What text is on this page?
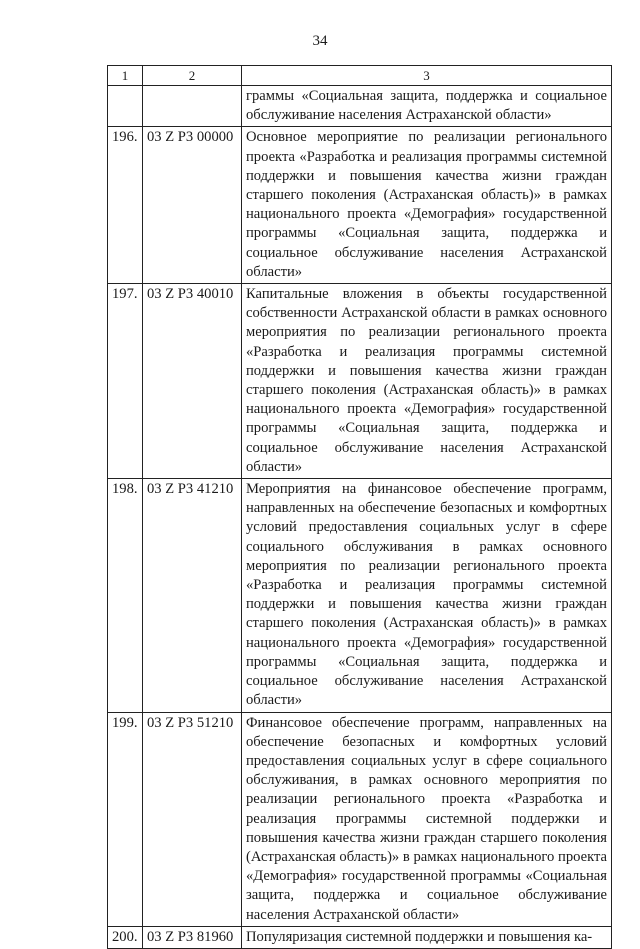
34
1	2	3
		граммы «Социальная защита, поддержка и социальное обслуживание населения Астраханской области»
196.	03 Z P3 00000	Основное мероприятие по реализации регионального проекта «Разработка и реализация программы системной поддержки и повышения качества жизни граждан старшего поколения (Астраханская область)» в рамках национального проекта «Демография» государственной программы «Социальная защита, поддержка и социальное обслуживание населения Астраханской области»
197.	03 Z P3 40010	Капитальные вложения в объекты государственной собственности Астраханской области в рамках основного мероприятия по реализации регионального проекта «Разработка и реализация программы системной поддержки и повышения качества жизни граждан старшего поколения (Астраханская область)» в рамках национального проекта «Демография» государственной программы «Социальная защита, поддержка и социальное обслуживание населения Астраханской области»
198.	03 Z P3 41210	Мероприятия на финансовое обеспечение программ, направленных на обеспечение безопасных и комфортных условий предоставления социальных услуг в сфере социального обслуживания в рамках основного мероприятия по реализации регионального проекта «Разработка и реализация программы системной поддержки и повышения качества жизни граждан старшего поколения (Астраханская область)» в рамках национального проекта «Демография» государственной программы «Социальная защита, поддержка и социальное обслуживание населения Астраханской области»
199.	03 Z P3 51210	Финансовое обеспечение программ, направленных на обеспечение безопасных и комфортных условий предоставления социальных услуг в сфере социального обслуживания, в рамках основного мероприятия по реализации регионального проекта «Разработка и реализация программы системной поддержки и повышения качества жизни граждан старшего поколения (Астраханская область)» в рамках национального проекта «Демография» государственной программы «Социальная защита, поддержка и социальное обслуживание населения Астраханской области»
200.	03 Z P3 81960	Популяризация системной поддержки и повышения ка-
